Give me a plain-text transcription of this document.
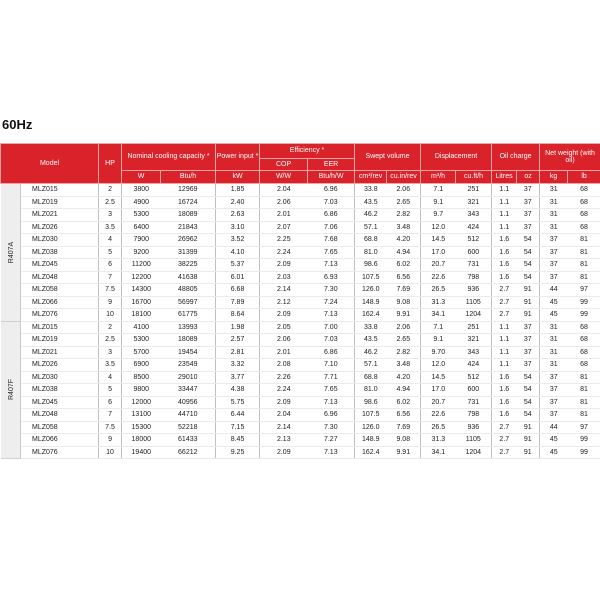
60Hz
Model		HP	Nominal cooling capacity *		Power input *	Efficiency *		Swept volume		Displacement		Oil charge		Net weight (with oil)	
						COP	EER								
			W	Btu/h	kW	W/W	Btu/h/W	cm³/rev	cu.in/rev	m³/h	cu.ft/h	Litres	oz	kg	lb
R407A	MLZ015	2	3800	12969	1.85	2.04	6.96	33.8	2.06	7.1	251	1.1	37	31	68
	MLZ019	2.5	4900	16724	2.40	2.06	7.03	43.5	2.65	9.1	321	1.1	37	31	68
	MLZ021	3	5300	18089	2.63	2.01	6.86	46.2	2.82	9.7	343	1.1	37	31	68
	MLZ026	3.5	6400	21843	3.10	2.07	7.06	57.1	3.48	12.0	424	1.1	37	31	68
	MLZ030	4	7900	26962	3.52	2.25	7.68	68.8	4.20	14.5	512	1.6	54	37	81
	MLZ038	5	9200	31399	4.10	2.24	7.65	81.0	4.94	17.0	600	1.6	54	37	81
	MLZ045	6	11200	38225	5.37	2.09	7.13	98.6	6.02	20.7	731	1.6	54	37	81
	MLZ048	7	12200	41638	6.01	2.03	6.93	107.5	6.56	22.6	798	1.6	54	37	81
	MLZ058	7.5	14300	48805	6.68	2.14	7.30	126.0	7.69	26.5	936	2.7	91	44	97
	MLZ066	9	16700	56997	7.89	2.12	7.24	148.9	9.08	31.3	1105	2.7	91	45	99
	MLZ076	10	18100	61775	8.64	2.09	7.13	162.4	9.91	34.1	1204	2.7	91	45	99
R407F	MLZ015	2	4100	13993	1.98	2.05	7.00	33.8	2.06	7.1	251	1.1	37	31	68
	MLZ019	2.5	5300	18089	2.57	2.06	7.03	43.5	2.65	9.1	321	1.1	37	31	68
	MLZ021	3	5700	19454	2.81	2.01	6.86	46.2	2.82	9.70	343	1.1	37	31	68
	MLZ026	3.5	6900	23549	3.32	2.08	7.10	57.1	3.48	12.0	424	1.1	37	31	68
	MLZ030	4	8500	29010	3.77	2.26	7.71	68.8	4.20	14.5	512	1.6	54	37	81
	MLZ038	5	9800	33447	4.38	2.24	7.65	81.0	4.94	17.0	600	1.6	54	37	81
	MLZ045	6	12000	40956	5.75	2.09	7.13	98.6	6.02	20.7	731	1.6	54	37	81
	MLZ048	7	13100	44710	6.44	2.04	6.96	107.5	6.56	22.6	798	1.6	54	37	81
	MLZ058	7.5	15300	52218	7.15	2.14	7.30	126.0	7.69	26.5	936	2.7	91	44	97
	MLZ066	9	18000	61433	8.45	2.13	7.27	148.9	9.08	31.3	1105	2.7	91	45	99
	MLZ076	10	19400	66212	9.25	2.09	7.13	162.4	9.91	34.1	1204	2.7	91	45	99
